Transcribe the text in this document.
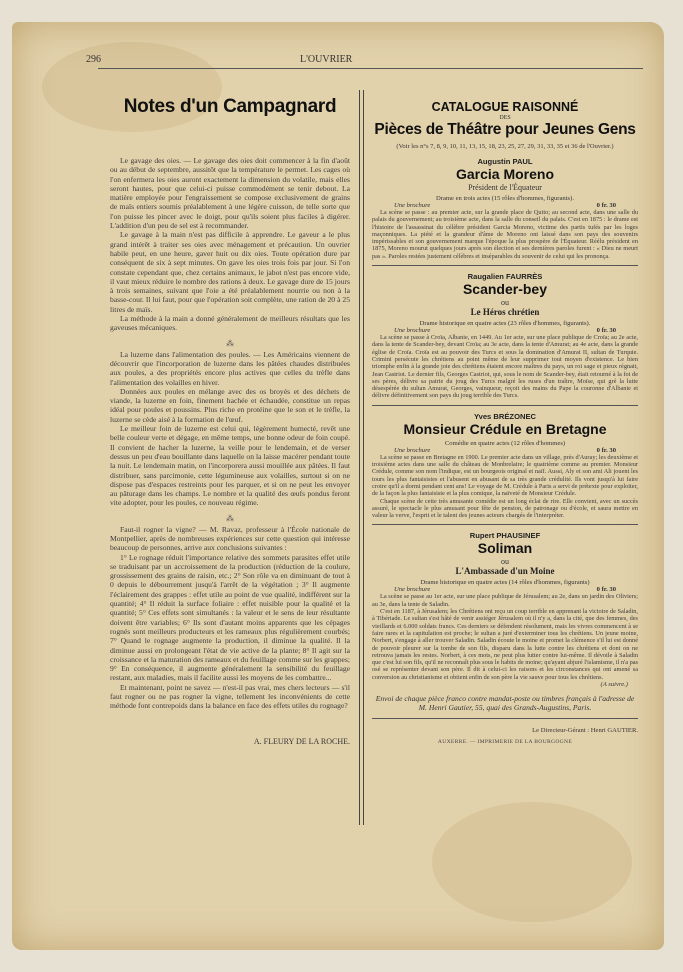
296	L'OUVRIER
Notes d'un Campagnard

Le gavage des oies. — Le gavage des oies doit commencer à la fin d'août ou au début de septembre, aussitôt que la température le permet. Les cages où l'on enfermera les oies auront exactement la dimension du volatile, mais elles seront hautes, pour que celui-ci puisse commodément se tenir debout. La matière employée pour l'engraissement se compose exclusivement de grains de maïs entiers soumis préalablement à une légère cuisson, de telle sorte que l'on puisse les pincer avec le doigt, pour qu'ils soient plus faciles à digérer. L'addition d'un peu de sel est à recommander.

Le gavage à la main n'est pas difficile à apprendre. Le gaveur a le plus grand intérêt à traiter ses oies avec ménagement et précaution. Un ouvrier habile peut, en une heure, gaver huit ou dix oies. Toute opération dure par conséquent de six à sept minutes. On gave les oies trois fois par jour. Si l'on constate cependant que, chez certains animaux, le jabot n'est pas encore vide, il vaut mieux réduire le nombre des rations à deux. Le gavage dure de 15 jours à trois semaines, suivant que l'oie a été préalablement nourrie ou non à la basse-cour. Il lui faut, pour que l'opération soit complète, une ration de 20 à 25 litres de maïs.

La méthode à la main a donné généralement de meilleurs résultats que les gaveuses mécaniques.

⁂

La luzerne dans l'alimentation des poules. — Les Américains viennent de découvrir que l'incorporation de luzerne dans les pâtées chaudes distribuées aux poules, a des propriétés encore plus actives que celles du trèfle dans l'alimentation des volailles en hiver.

Données aux poules en mélange avec des os broyés et des déchets de viande, la luzerne en foin, finement hachée et échaudée, constitue un repas idéal pour poules et poussins. Plus riche en protéine que le son et le trèfle, la luzerne se cède aisé à la formation de l'œuf.

Le meilleur foin de luzerne est celui qui, légèrement humecté, revêt une belle couleur verte et dégage, en même temps, une bonne odeur de foin coupé. Il convient de hacher la luzerne, la veille pour le lendemain, et de verser dessus un peu d'eau bouillante dans laquelle on la laisse macérer pendant toute la nuit. Le lendemain matin, on l'incorporera aussi mouillée aux pâtées. Il faut distribuer, sans parcimonie, cette légumineuse aux volailles, surtout si on ne dispose pas d'espaces restreints pour les parquer, et si on ne peut les envoyer au pâturage dans les champs. Le nombre et la qualité des œufs pondus feront vite adopter, pour les poules, ce nouveau régime.

⁂

Faut-il rogner la vigne? — M. Ravaz, professeur à l'École nationale de Montpellier, après de nombreuses expériences sur cette question qui intéresse beaucoup de personnes, arrive aux conclusions suivantes :

1° Le rognage réduit l'importance relative des sommets parasites effet utile se traduisant par un accroissement de la production (réduction de la coulure, grossissement des grains de raisin, etc.; 2° Son rôle va en diminuant de tout à 0 depuis le débourrement jusqu'à l'arrêt de la végétation ; 3° Il augmente l'éclairement des grappes : effet utile au point de vue qualité, indifférent sur la quantité; 4° Il réduit la surface foliaire : effet nuisible pour la qualité et la quantité; 5° Ces effets sont simultanés : la valeur et le sens de leur résultante doivent être variables; 6° Ils sont d'autant moins apparents que les cépages rognés sont meilleurs producteurs et les rameaux plus régulièrement courbés; 7° Quand le rognage augmente la production, il diminue la qualité. Il la diminue aussi en prolongeant l'état de vie active de la plante; 8° Il agit sur la croissance et la maturation des rameaux et du feuillage comme sur les grappes; 9° En conséquence, il augmente généralement la sensibilité du feuillage restant, aux maladies, mais il facilite aussi les moyens de les combattre...

Et maintenant, point ne savez — n'est-il pas vrai, mes chers lecteurs — s'il faut rogner ou ne pas rogner la vigne, tellement les inconvénients de cette méthode font contrepoids dans la balance en face des effets utiles du rognage?

A. FLEURY DE LA ROCHE.
CATALOGUE RAISONNÉ
DES
Pièces de Théâtre pour Jeunes Gens
(Voir les n°s 7, 8, 9, 10, 11, 13, 15, 18, 23, 25, 27, 29, 31, 33, 35 et 36 de l'Ouvrier.)
Augustin PAUL
Garcia Moreno
Président de l'Équateur
Drame en trois actes (15 rôles d'hommes, figurants).
Une brochure	0 fr. 30

La scène se passe : au premier acte, sur la grande place de Quito; au second acte, dans une salle du palais du gouvernement; au troisième acte, dans la salle du conseil du palais. C'est en 1875 : le drame est l'histoire de l'assassinat du célèbre président Garcia Moreno, victime des partis tufés par les loges maçonniques. La piété et la grandeur d'âme de Moreno ont laissé dans son pays des souvenirs impérissables et son gouvernement marque l'époque la plus prospère de l'Équateur. Réélu président en 1875, Moreno mourut quelques jours après son élection et ses dernières paroles furent : « Dieu ne meurt pas ». Paroles restées justement célèbres et inséparables du souvenir de celui qui les prononça.

Raugalien FAURRÈS
Scander-bey
ou
Le Héros chrétien
Drame historique en quatre actes (23 rôles d'hommes, figurants).
Une brochure	0 fr. 30

La scène se passe à Croïa, Albanie, en 1449. Au 1er acte, sur une place publique de Croïa; au 2e acte, dans la tente de Scander-bey, devant Croïa; au 3e acte, dans la tente d'Amurat; au 4e acte, dans la grande église de Croïa. Croïa est au pouvoir des Turcs et sous la domination d'Amurat II, sultan de Turquie. Crimini persécute les chrétiens au point même de leur supprimer tout moyen d'existence. Le bien triomphe enfin à la grande joie des chrétiens étaient encore maîtres du pays, un roi sage et pieux régnait, Jean Castriot. Le dernier fils, Georges Castriot, qui, sous le nom de Scander-bey, était retourné à la foi de ses pères, délivre sa patrie du joug des Turcs malgré les ruses d'un traître, Moïse, qui gré la lutte désespérée du sultan Amurat, Georges, vainqueur, reçoit des mains du Pape la couronne d'Albanie et délivre définitivement son pays du joug terrible des Turcs.

Yves BRÉZONEC
Monsieur Crédule en Bretagne
Comédie en quatre actes (12 rôles d'hommes)
Une brochure	0 fr. 30

La scène se passe en Bretagne en 1900. Le premier acte dans un village, près d'Auray; les deuxième et troisième actes dans une salle du château de Monbrelaire; le quatrième comme au premier. Monsieur Crédule, comme son nom l'indique, est un bourgeois original et naïf. Aussi, Aly et son ami Ali jouent les tours les plus fantaisistes et l'abusent en abusant de sa très grande crédulité. Ils vont jusqu'à lui faire croire qu'il a dormi pendant cent ans! Le voyage de M. Crédule à Paris a servi de prétexte pour exploiter, de la façon la plus fantaisiste et la plus comique, la naïveté de Monsieur Crédule.

Chaque scène de cette très amusante comédie est un long éclat de rire. Elle convient, avec un succès assuré, le spectacle le plus amusant pour fête de pension, de patronage ou d'école, et saura mettre en valeur la verve, l'esprit et le talent des jeunes acteurs chargés de l'interpréter.

Rupert PHAUSINEF
Soliman
ou
L'Ambassade d'un Moine
Drame historique en quatre actes (14 rôles d'hommes, figurants)
Une brochure	0 fr. 30

La scène se passe au 1er acte, sur une place publique de Jérusalem; au 2e, dans un jardin des Oliviers; au 3e, dans la tente de Saladin.

C'est en 1187, à Jérusalem; les Chrétiens ont reçu un coup terrible en apprenant la victoire de Saladin, à Tibériade. Le sultan s'est hâté de venir assiéger Jérusalem où il n'y a, dans la cité, que des femmes, des vieillards et 6.000 soldats francs. Ces derniers se défendent résolument, mais les vivres commencent à se faire rares et la capitulation est proche; le sultan a juré d'exterminer tous les chrétiens. Un jeune moine, Norbert, s'engage à aller trouver Saladin. Saladin écoute le moine et promet la clémence s'il lui est donné de pouvoir pleurer sur la tombe de son fils, disparu dans la lutte contre les chrétiens et dont on ne retrouva jamais les restes. Norbert, à ces mots, ne peut plus lutter contre lui-même. Il dévoile à Saladin que c'est lui son fils, qu'il ne reconnaît plus sous le habits de moine; qu'ayant abjuré l'islamisme, il n'a pas osé se représenter devant son père. Il dit à celui-ci les raisons et les circonstances qui ont amené sa conversion au christianisme et obtient enfin de son père la vie sauve pour tous les chrétiens.

(A suivre.)
Envoi de chaque pièce franco contre mandat-poste ou timbres français à l'adresse de M. Henri Gautier, 55, quai des Grands-Augustins, Paris.
Le Directeur-Gérant : Henri GAUTIER.
AUXERRE. — IMPRIMERIE DE LA BOURGOGNE
